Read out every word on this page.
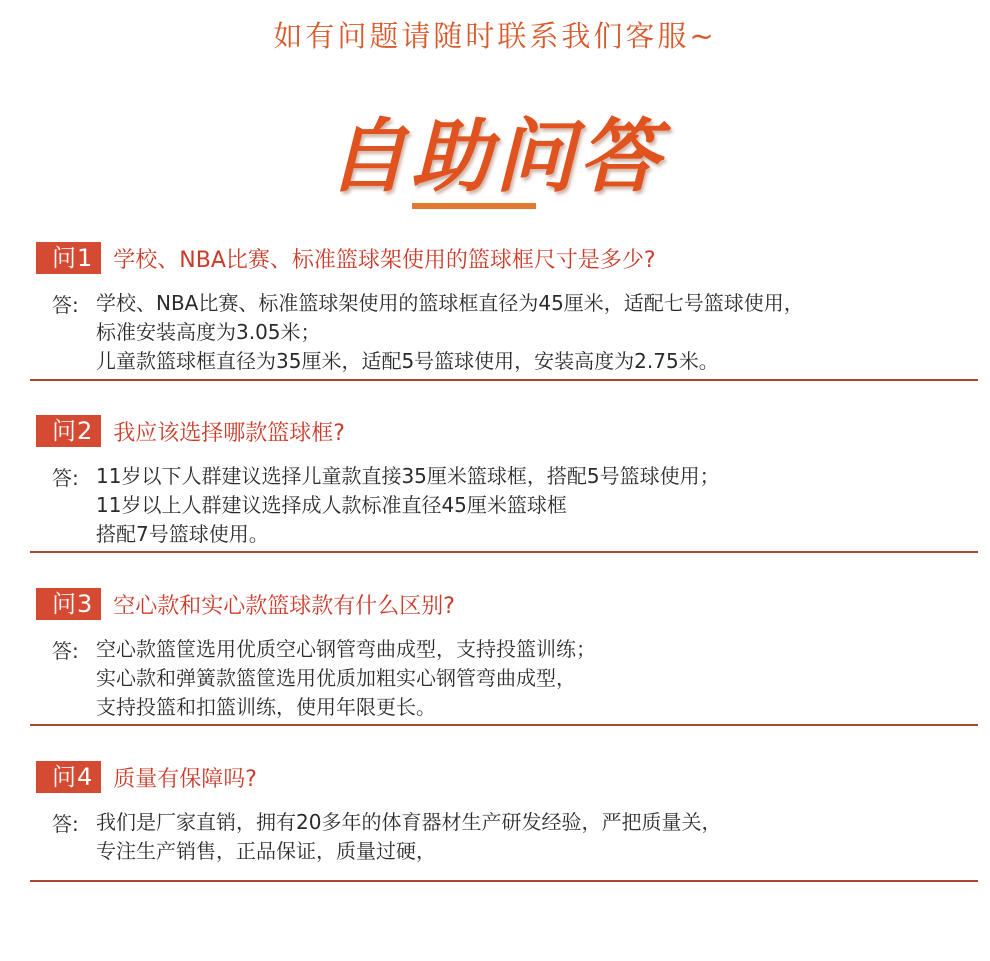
如有问题请随时联系我们客服~
自助问答
问1 学校、NBA比赛、标准篮球架使用的篮球框尺寸是多少?
答: 学校、NBA比赛、标准篮球架使用的篮球框直径为45厘米，适配七号篮球使用，
标准安装高度为3.05米；
儿童款篮球框直径为35厘米，适配5号篮球使用，安装高度为2.75米。
问2 我应该选择哪款篮球框?
答: 11岁以下人群建议选择儿童款直接35厘米篮球框，搭配5号篮球使用；
11岁以上人群建议选择成人款标准直径45厘米篮球框
搭配7号篮球使用。
问3 空心款和实心款篮球款有什么区别?
答: 空心款篮筐选用优质空心钢管弯曲成型，支持投篮训练；
实心款和弹簧款篮筐选用优质加粗实心钢管弯曲成型，
支持投篮和扣篮训练，使用年限更长。
问4 质量有保障吗?
答: 我们是厂家直销，拥有20多年的体育器材生产研发经验，严把质量关，
专注生产销售，正品保证，质量过硬，
